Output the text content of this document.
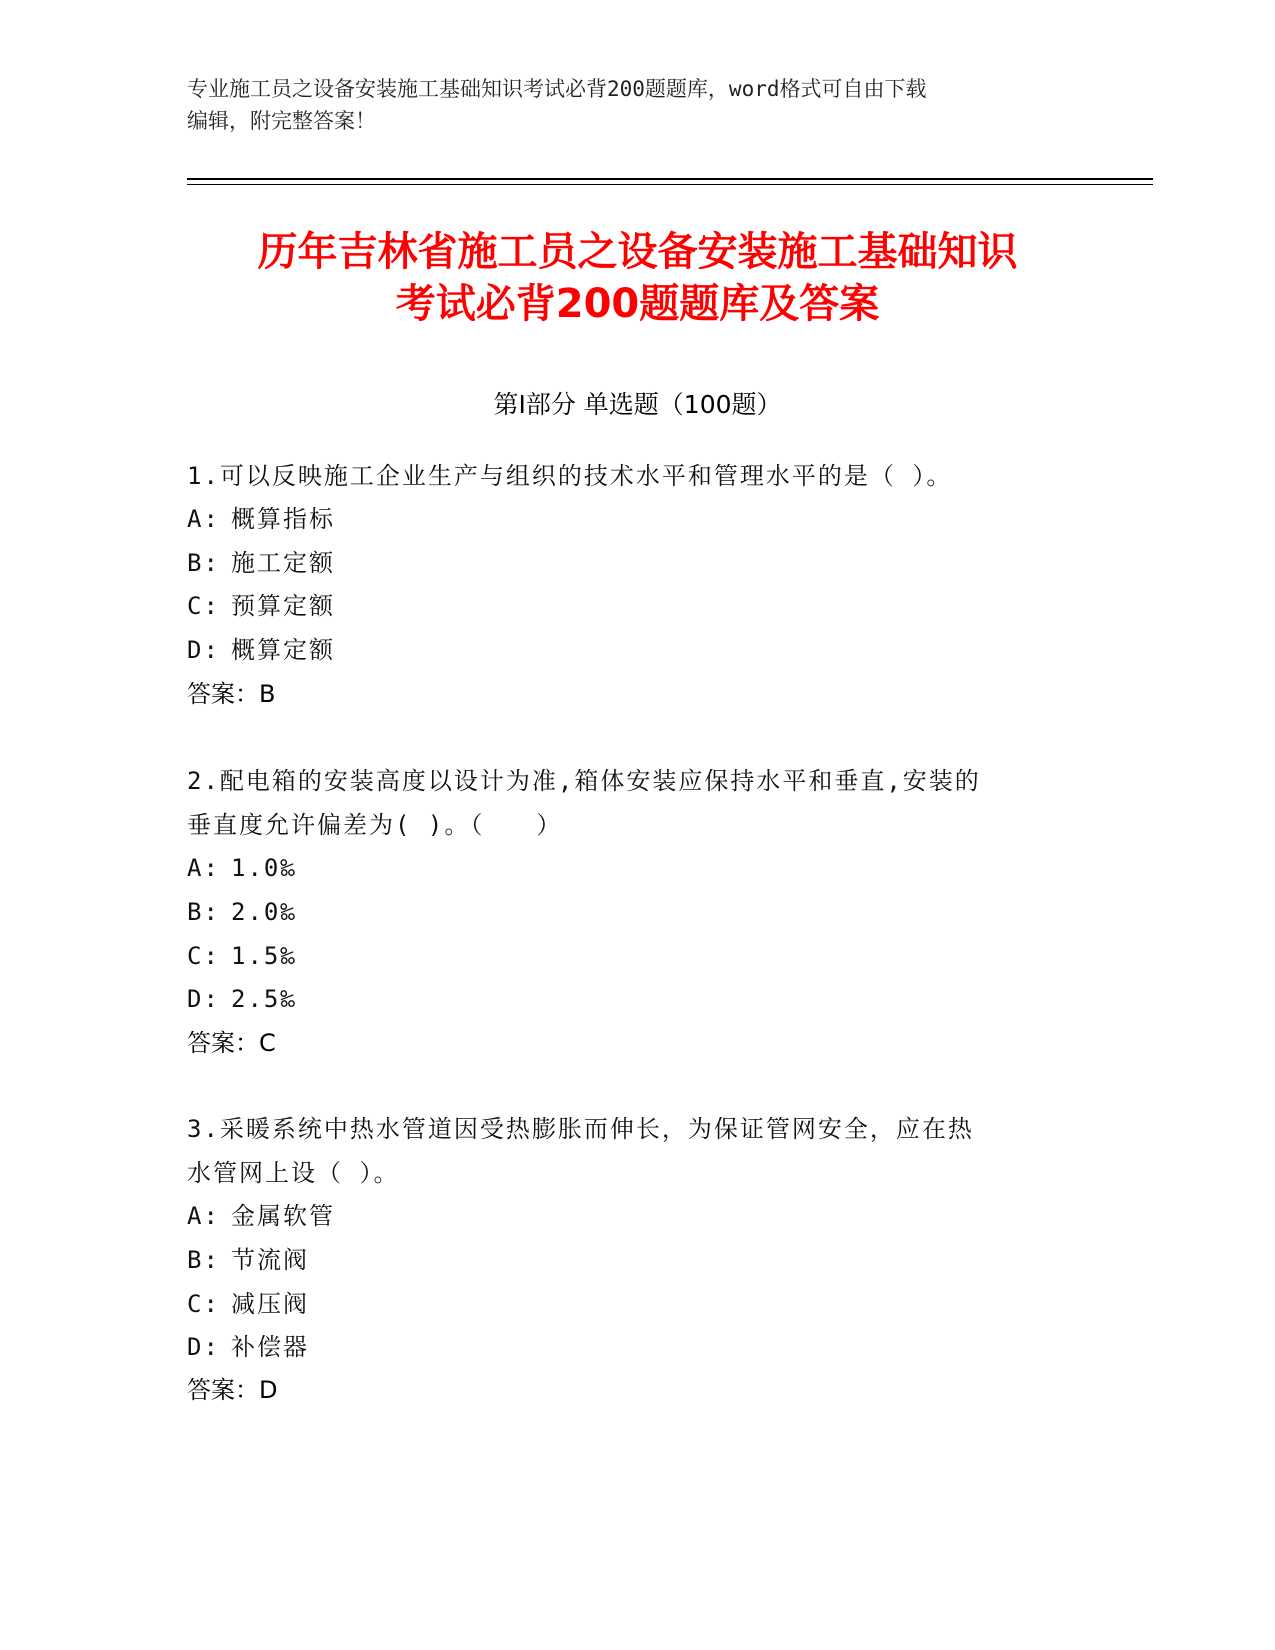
专业施工员之设备安装施工基础知识考试必背200题题库，word格式可自由下载
编辑，附完整答案！
历年吉林省施工员之设备安装施工基础知识
考试必背200题题库及答案
第Ⅰ部分 单选题（100题）
1.可以反映施工企业生产与组织的技术水平和管理水平的是（ ）。
A: 概算指标
B: 施工定额
C: 预算定额
D: 概算定额
答案：B
2.配电箱的安装高度以设计为准,箱体安装应保持水平和垂直,安装的
垂直度允许偏差为( )。（　　）
A: 1.0‰
B: 2.0‰
C: 1.5‰
D: 2.5‰
答案：C
3.采暖系统中热水管道因受热膨胀而伸长，为保证管网安全，应在热
水管网上设（ ）。
A: 金属软管
B: 节流阀
C: 减压阀
D: 补偿器
答案：D
